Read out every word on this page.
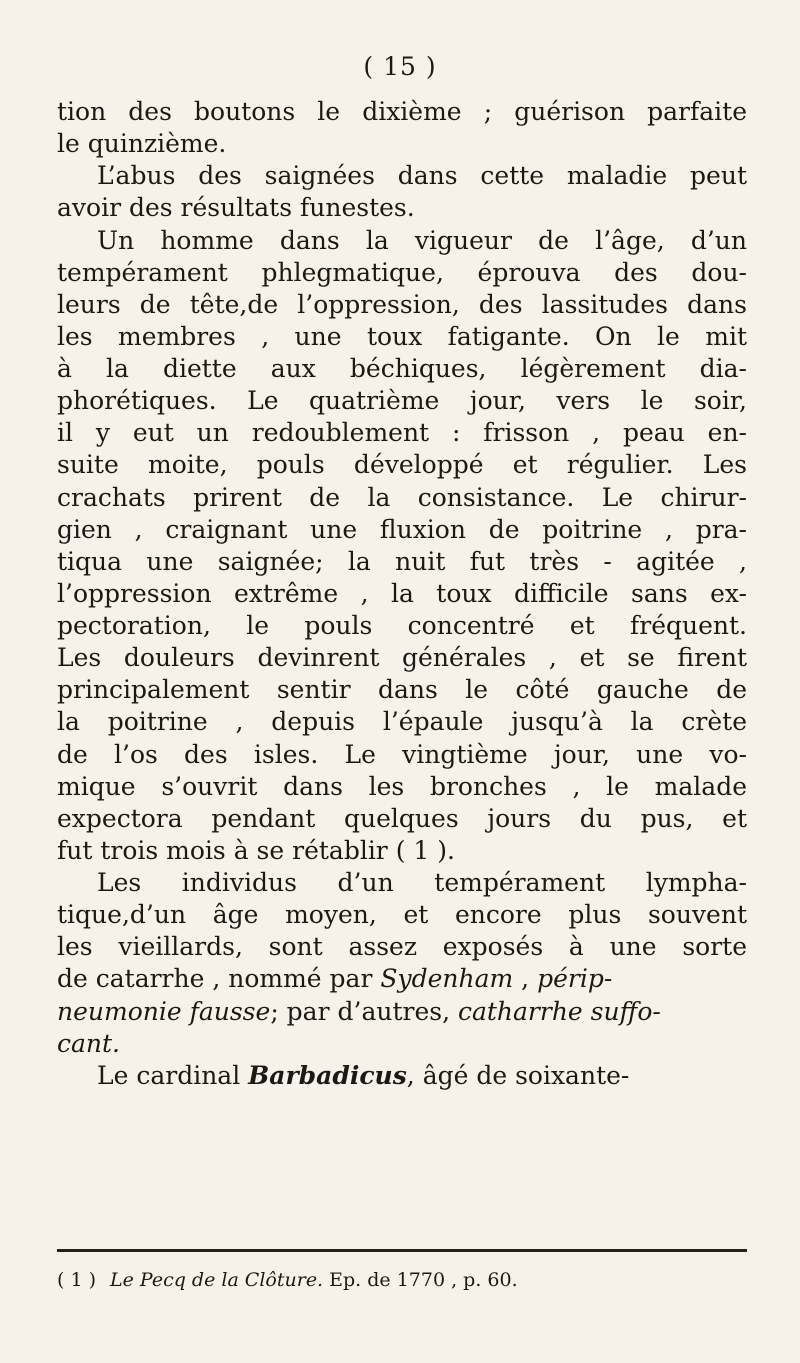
( 15 )
tion des boutons le dixième ; guérison parfaite
le quinzième.
L’abus des saignées dans cette maladie peut
avoir des résultats funestes.
Un homme dans la vigueur de l’âge, d’un
tempérament phlegmatique, éprouva des dou-
leurs de tête,de l’oppression, des lassitudes dans
les membres , une toux fatigante. On le mit
à la diette aux béchiques, légèrement dia-
phorétiques. Le quatrième jour, vers le soir,
il y eut un redoublement : frisson , peau en-
suite moite, pouls développé et régulier. Les
crachats prirent de la consistance. Le chirur-
gien , craignant une fluxion de poitrine , pra-
tiqua une saignée; la nuit fut très - agitée ,
l’oppression extrême , la toux difficile sans ex-
pectoration, le pouls concentré et fréquent.
Les douleurs devinrent générales , et se firent
principalement sentir dans le côté gauche de
la poitrine , depuis l’épaule jusqu’à la crète
de l’os des isles. Le vingtième jour, une vo-
mique s’ouvrit dans les bronches , le malade
expectora pendant quelques jours du pus, et
fut trois mois à se rétablir ( 1 ).
Les individus d’un tempérament lympha-
tique,d’un âge moyen, et encore plus souvent
les vieillards, sont assez exposés à une sorte
de catarrhe , nommé par Sydenham , périp-
neumonie fausse; par d’autres, catharrhe suffo-
cant.
Le cardinal Barbadicus, âgé de soixante-
( 1 ) Le Pecq de la Clôture. Ep. de 1770 , p. 60.
